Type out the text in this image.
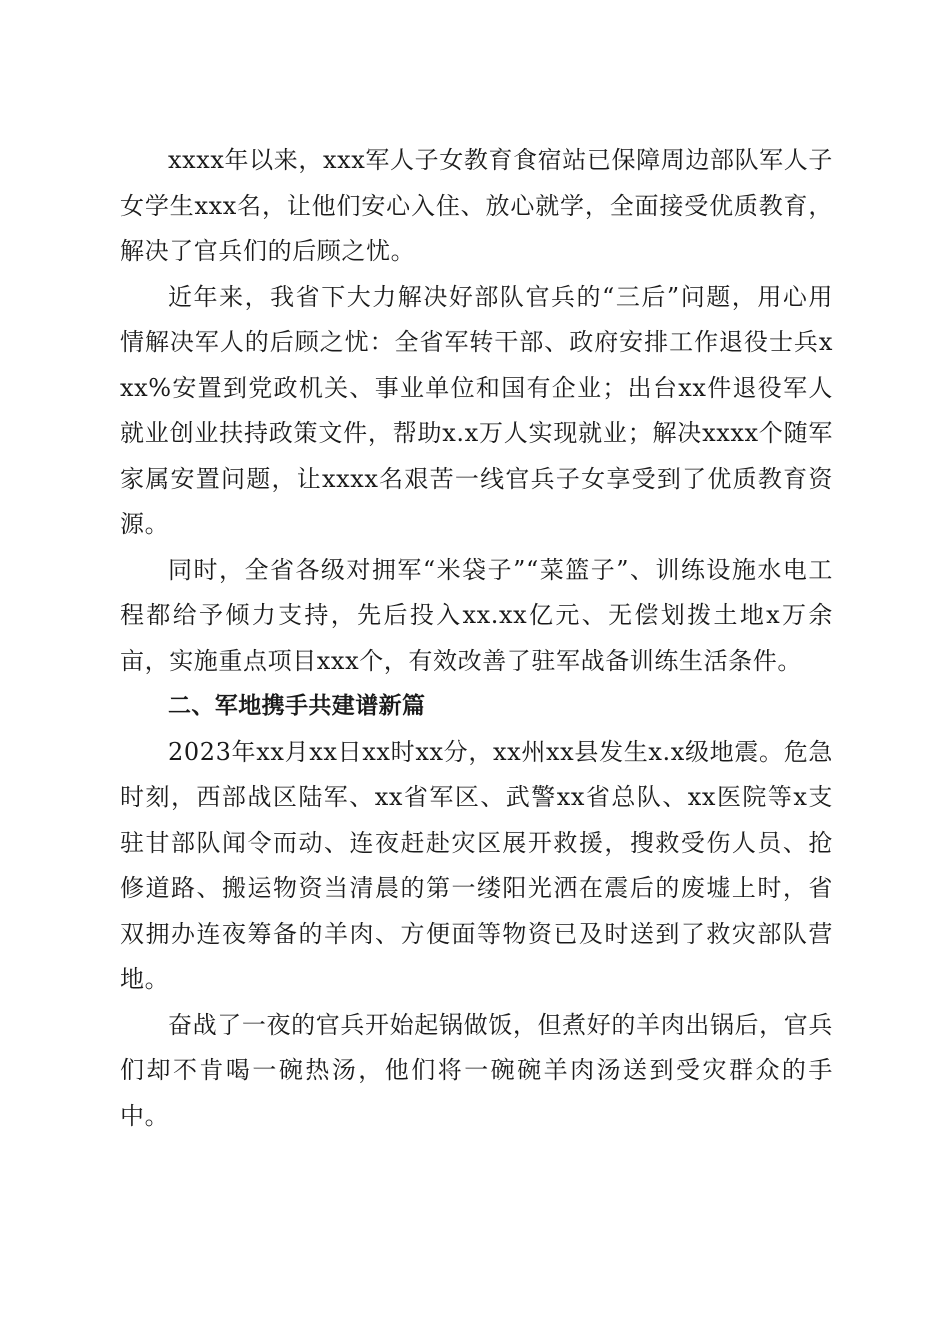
xxxx年以来，xxx军人子女教育食宿站已保障周边部队军人子女学生xxx名，让他们安心入住、放心就学，全面接受优质教育，解决了官兵们的后顾之忧。

近年来，我省下大力解决好部队官兵的“三后”问题，用心用情解决军人的后顾之忧：全省军转干部、政府安排工作退役士兵xxx%安置到党政机关、事业单位和国有企业；出台xx件退役军人就业创业扶持政策文件，帮助x.x万人实现就业；解决xxxx个随军家属安置问题，让xxxx名艰苦一线官兵子女享受到了优质教育资源。

同时，全省各级对拥军“米袋子”“菜篮子”、训练设施水电工程都给予倾力支持，先后投入xx.xx亿元、无偿划拨土地x万余亩，实施重点项目xxx个，有效改善了驻军战备训练生活条件。

二、军地携手共建谱新篇

2023年xx月xx日xx时xx分，xx州xx县发生x.x级地震。危急时刻，西部战区陆军、xx省军区、武警xx省总队、xx医院等x支驻甘部队闻令而动、连夜赶赴灾区展开救援，搜救受伤人员、抢修道路、搬运物资当清晨的第一缕阳光洒在震后的废墟上时，省双拥办连夜筹备的羊肉、方便面等物资已及时送到了救灾部队营地。

奋战了一夜的官兵开始起锅做饭，但煮好的羊肉出锅后，官兵们却不肯喝一碗热汤，他们将一碗碗羊肉汤送到受灾群众的手中。
